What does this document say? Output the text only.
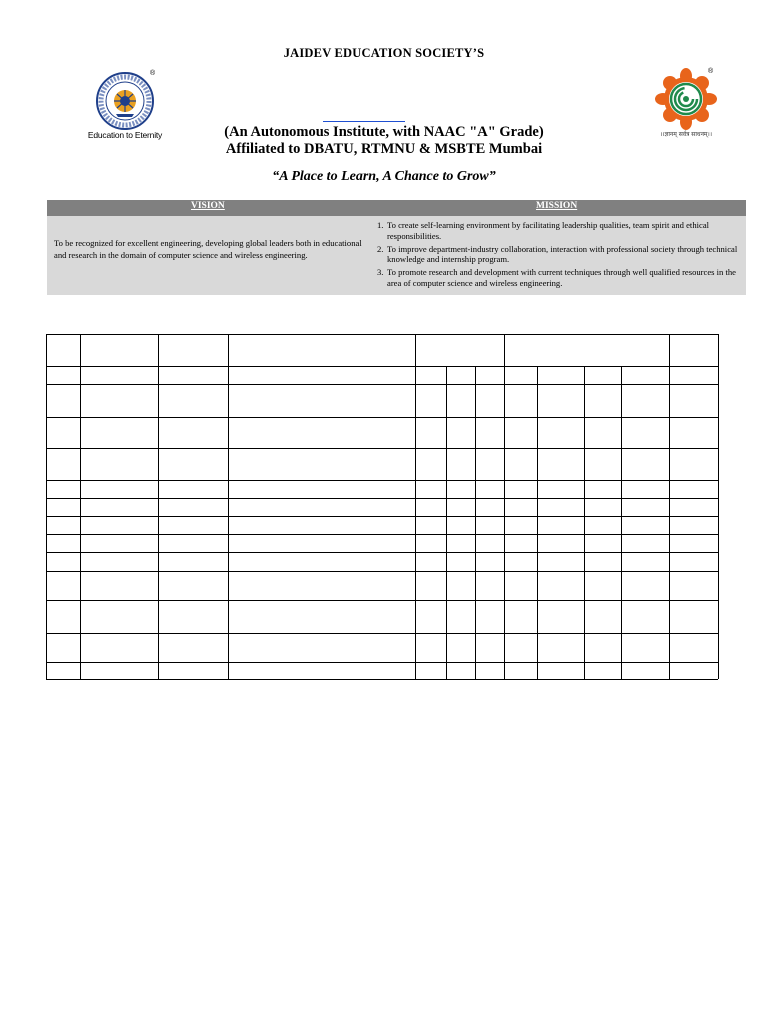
JAIDEV EDUCATION SOCIETY’S
(An Autonomous Institute, with NAAC "A" Grade)
Affiliated to DBATU, RTMNU & MSBTE Mumbai
“A Place to Learn, A Chance to Grow”
®
Education to Eternity
®
।।ज्ञानम् सर्वत्र साधनम्।।
VISION	MISSION
To be recognized for excellent engineering, developing global leaders both in educational and research in the domain of computer science and wireless engineering.
1. To create self-learning environment by facilitating leadership qualities, team spirit and ethical responsibilities.
2. To improve department-industry collaboration, interaction with professional society through technical knowledge and internship program.
3. To promote research and development with current techniques through well qualified resources in the area of computer science and wireless engineering.
